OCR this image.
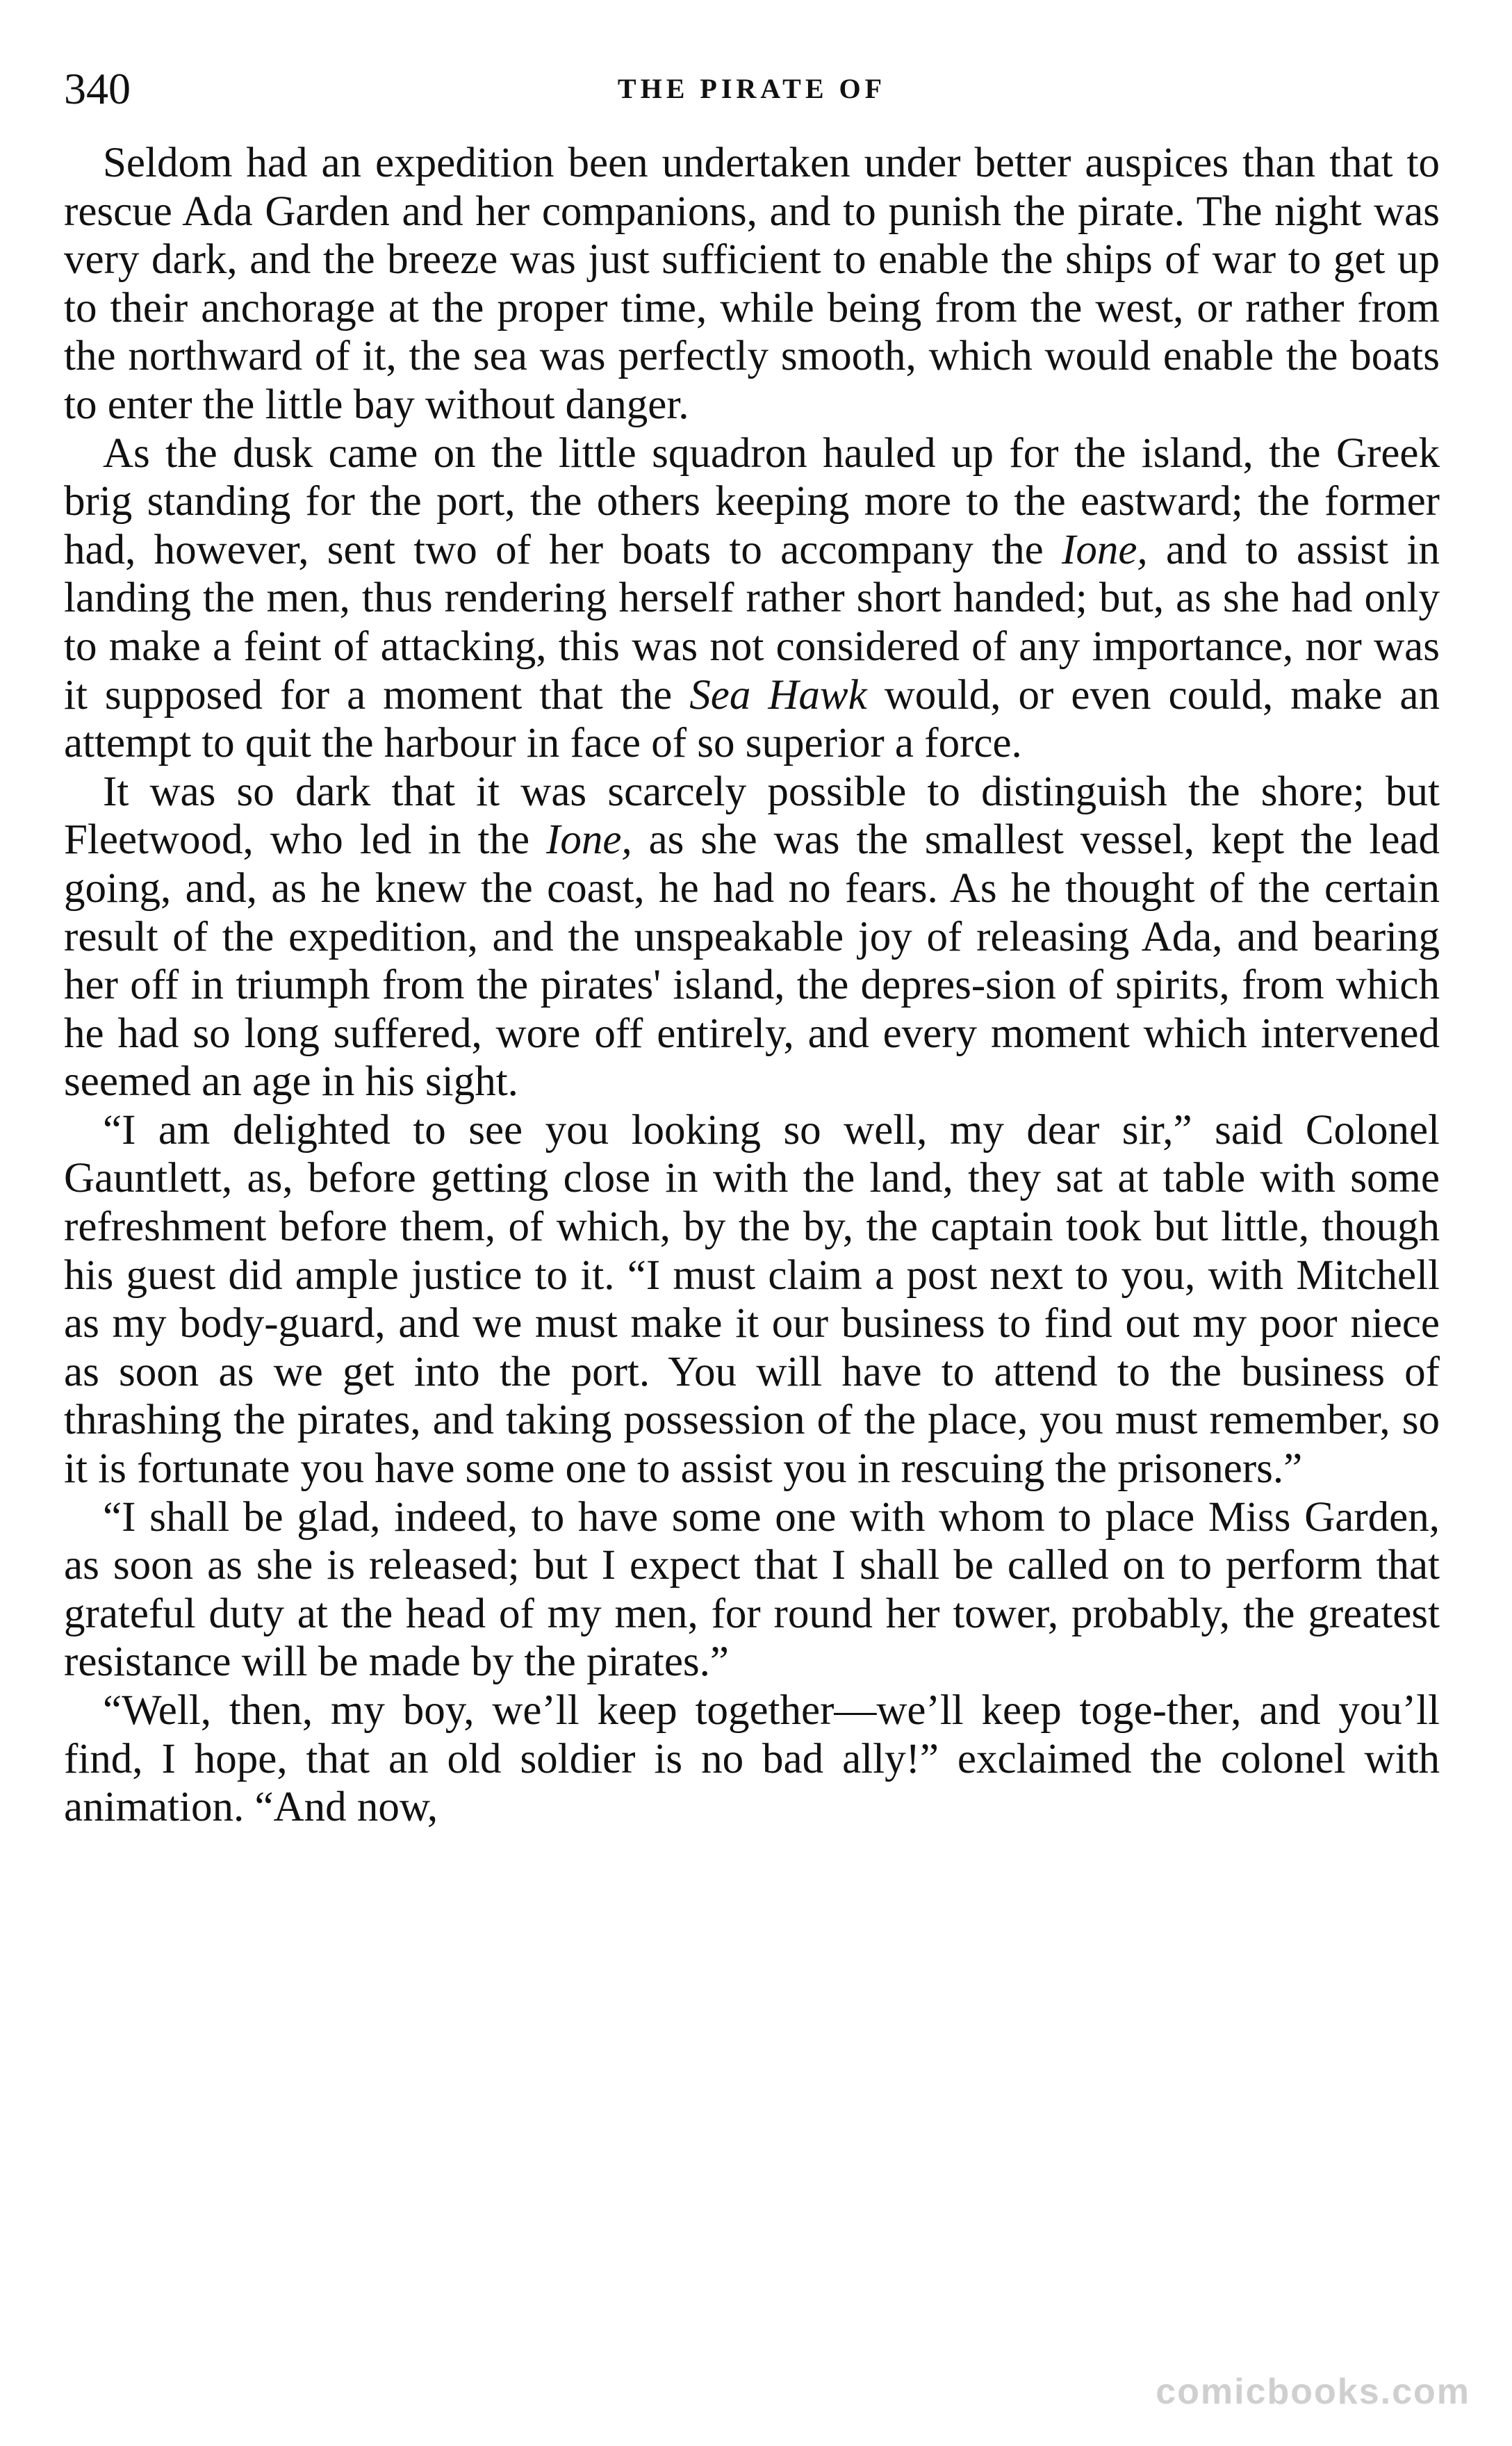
340	THE PIRATE OF

Seldom had an expedition been undertaken under better auspices than that to rescue Ada Garden and her companions, and to punish the pirate. The night was very dark, and the breeze was just sufficient to enable the ships of war to get up to their anchorage at the proper time, while being from the west, or rather from the northward of it, the sea was perfectly smooth, which would enable the boats to enter the little bay without danger.

As the dusk came on the little squadron hauled up for the island, the Greek brig standing for the port, the others keeping more to the eastward; the former had, however, sent two of her boats to accompany the Ione, and to assist in landing the men, thus rendering herself rather short handed; but, as she had only to make a feint of attacking, this was not considered of any importance, nor was it supposed for a moment that the Sea Hawk would, or even could, make an attempt to quit the harbour in face of so superior a force.

It was so dark that it was scarcely possible to distinguish the shore; but Fleetwood, who led in the Ione, as she was the smallest vessel, kept the lead going, and, as he knew the coast, he had no fears. As he thought of the certain result of the expedition, and the unspeakable joy of releasing Ada, and bearing her off in triumph from the pirates' island, the depres-sion of spirits, from which he had so long suffered, wore off entirely, and every moment which intervened seemed an age in his sight.

“I am delighted to see you looking so well, my dear sir,” said Colonel Gauntlett, as, before getting close in with the land, they sat at table with some refreshment before them, of which, by the by, the captain took but little, though his guest did ample justice to it. “I must claim a post next to you, with Mitchell as my body-guard, and we must make it our business to find out my poor niece as soon as we get into the port. You will have to attend to the business of thrashing the pirates, and taking possession of the place, you must remember, so it is fortunate you have some one to assist you in rescuing the prisoners.”

“I shall be glad, indeed, to have some one with whom to place Miss Garden, as soon as she is released; but I expect that I shall be called on to perform that grateful duty at the head of my men, for round her tower, probably, the greatest resistance will be made by the pirates.”

“Well, then, my boy, we’ll keep together—we’ll keep toge-ther, and you’ll find, I hope, that an old soldier is no bad ally!” exclaimed the colonel with animation. “And now,

comicbooks.com
